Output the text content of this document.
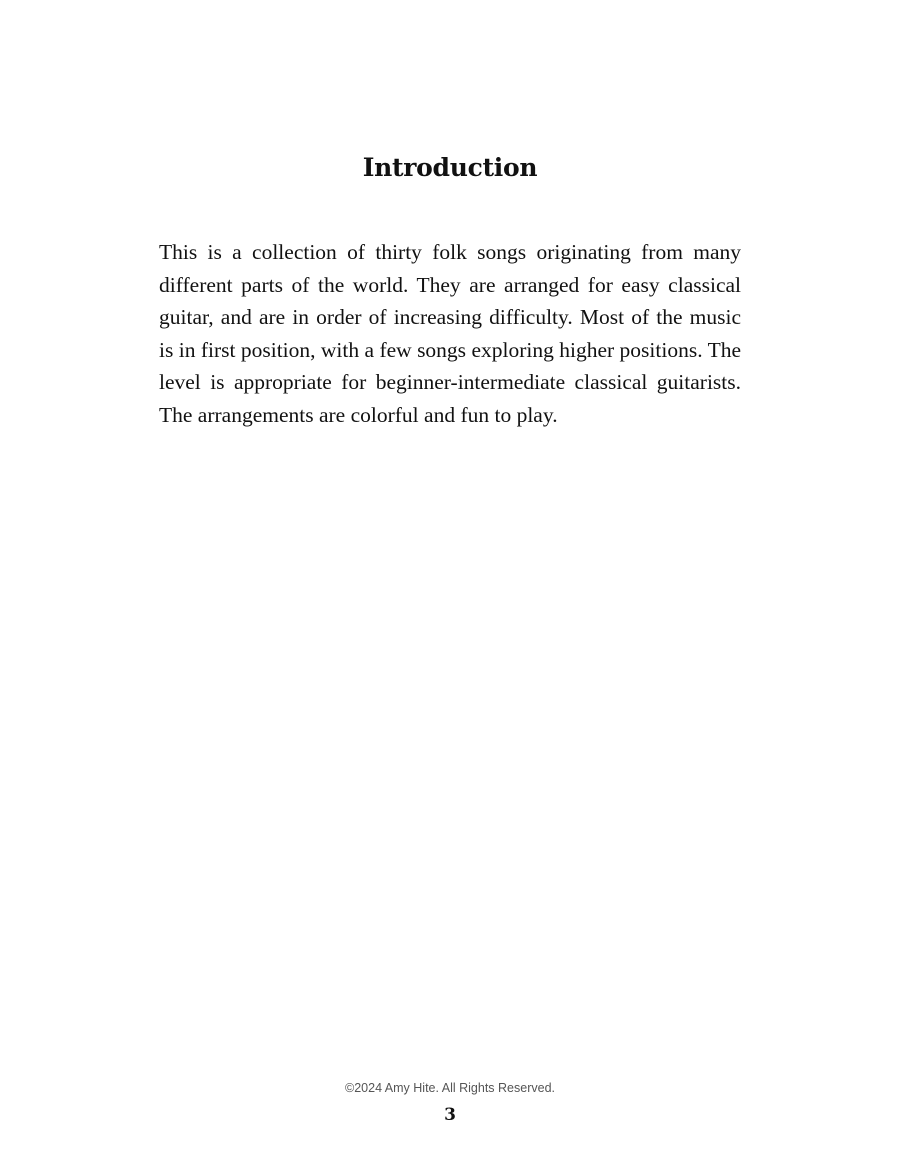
Introduction

This is a collection of thirty folk songs originating from many different parts of the world. They are arranged for easy classical guitar, and are in order of increasing difficulty. Most of the music is in first position, with a few songs exploring higher positions. The level is appropriate for beginner-intermediate classical guitarists. The arrangements are colorful and fun to play.

©2024 Amy Hite. All Rights Reserved.

3
